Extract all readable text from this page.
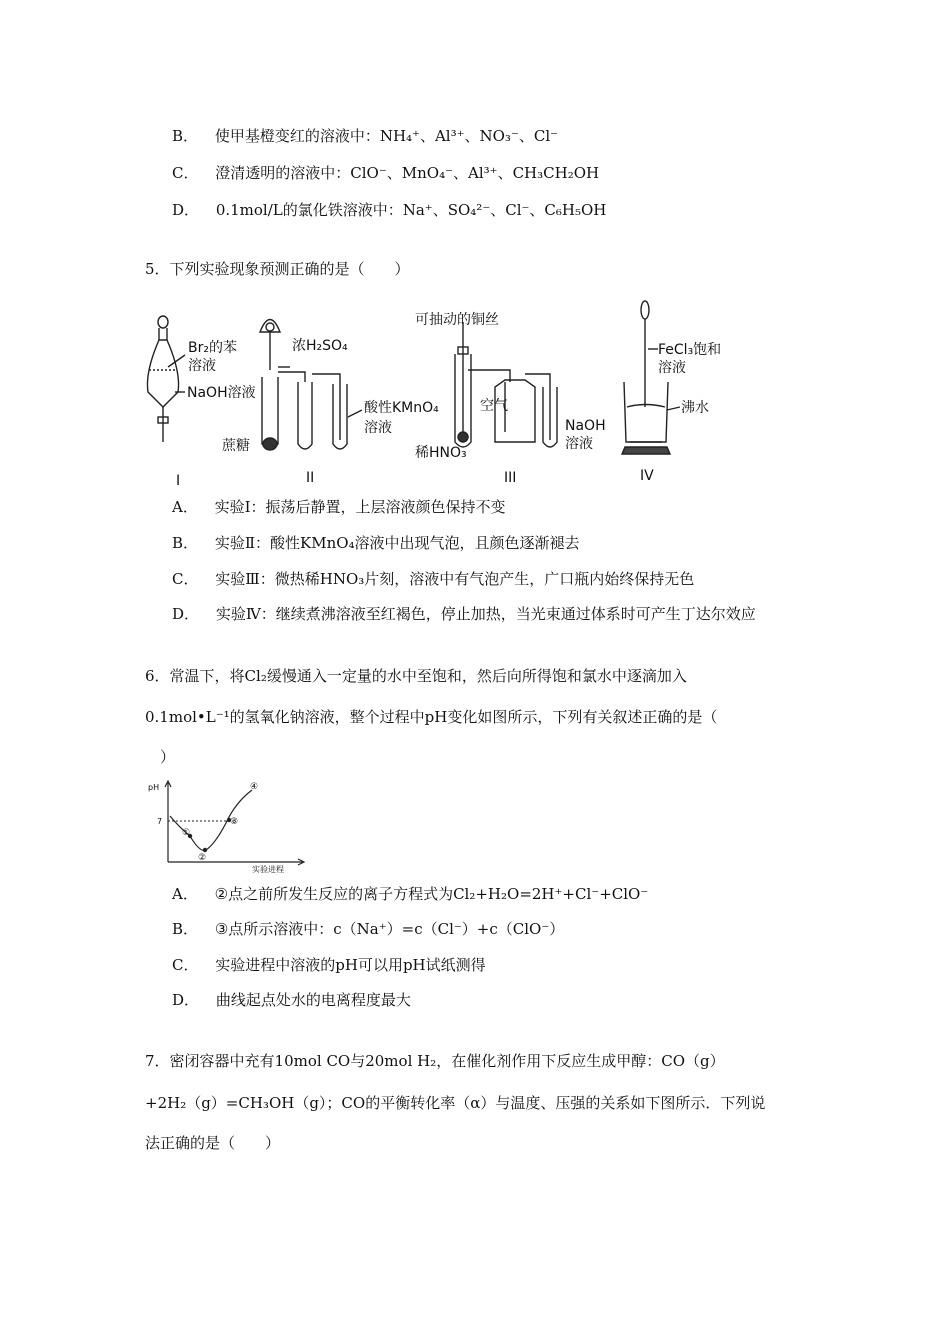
B． 使甲基橙变红的溶液中：NH₄⁺、Al³⁺、NO₃⁻、Cl⁻
C． 澄清透明的溶液中：ClO⁻、MnO₄⁻、Al³⁺、CH₃CH₂OH
D． 0.1mol/L的氯化铁溶液中：Na⁺、SO₄²⁻、Cl⁻、C₆H₅OH
5．下列实验现象预测正确的是（　　）
Br₂的苯
溶液
NaOH溶液
浓H₂SO₄
蔗糖
酸性KMnO₄
溶液
可抽动的铜丝
空气
稀HNO₃
NaOH
溶液
FeCl₃饱和
溶液
沸水
I	II	III	IV
A． 实验Ⅰ：振荡后静置，上层溶液颜色保持不变
B． 实验Ⅱ：酸性KMnO₄溶液中出现气泡，且颜色逐渐褪去
C． 实验Ⅲ：微热稀HNO₃片刻，溶液中有气泡产生，广口瓶内始终保持无色
D． 实验Ⅳ：继续煮沸溶液至红褐色，停止加热，当光束通过体系时可产生丁达尔效应
6．常温下，将Cl₂缓慢通入一定量的水中至饱和，然后向所得饱和氯水中逐滴加入
0.1mol•L⁻¹的氢氧化钠溶液，整个过程中pH变化如图所示，下列有关叙述正确的是（
）
pH
7
实验进程
①
②
③
④
A． ②点之前所发生反应的离子方程式为Cl₂+H₂O=2H⁺+Cl⁻+ClO⁻
B． ③点所示溶液中：c（Na⁺）=c（Cl⁻）+c（ClO⁻）
C． 实验进程中溶液的pH可以用pH试纸测得
D． 曲线起点处水的电离程度最大
7．密闭容器中充有10mol CO与20mol H₂，在催化剂作用下反应生成甲醇：CO（g）
+2H₂（g）=CH₃OH（g）；CO的平衡转化率（α）与温度、压强的关系如下图所示．下列说
法正确的是（　　）
